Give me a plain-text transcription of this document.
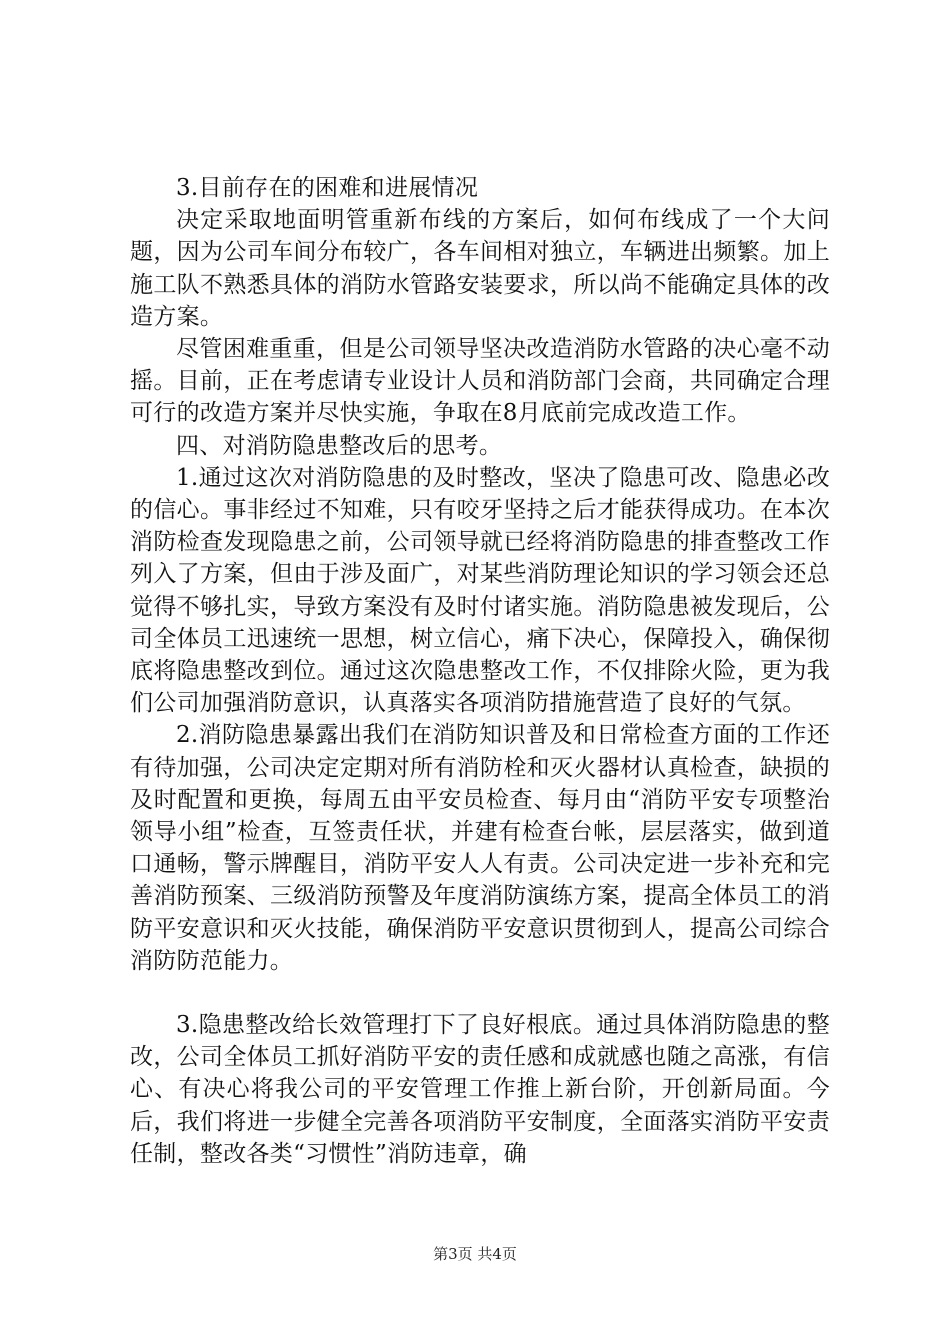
3.目前存在的困难和进展情况

决定采取地面明管重新布线的方案后，如何布线成了一个大问题，因为公司车间分布较广，各车间相对独立，车辆进出频繁。加上施工队不熟悉具体的消防水管路安装要求，所以尚不能确定具体的改造方案。

尽管困难重重，但是公司领导坚决改造消防水管路的决心毫不动摇。目前，正在考虑请专业设计人员和消防部门会商，共同确定合理可行的改造方案并尽快实施，争取在8月底前完成改造工作。

四、对消防隐患整改后的思考。

1.通过这次对消防隐患的及时整改，坚决了隐患可改、隐患必改的信心。事非经过不知难，只有咬牙坚持之后才能获得成功。在本次消防检查发现隐患之前，公司领导就已经将消防隐患的排查整改工作列入了方案，但由于涉及面广，对某些消防理论知识的学习领会还总觉得不够扎实，导致方案没有及时付诸实施。消防隐患被发现后，公司全体员工迅速统一思想，树立信心，痛下决心，保障投入，确保彻底将隐患整改到位。通过这次隐患整改工作，不仅排除火险，更为我们公司加强消防意识，认真落实各项消防措施营造了良好的气氛。

2.消防隐患暴露出我们在消防知识普及和日常检查方面的工作还有待加强，公司决定定期对所有消防栓和灭火器材认真检查，缺损的及时配置和更换，每周五由平安员检查、每月由“消防平安专项整治领导小组”检查，互签责任状，并建有检查台帐，层层落实，做到道口通畅，警示牌醒目，消防平安人人有责。公司决定进一步补充和完善消防预案、三级消防预警及年度消防演练方案，提高全体员工的消防平安意识和灭火技能，确保消防平安意识贯彻到人，提高公司综合消防防范能力。

3.隐患整改给长效管理打下了良好根底。通过具体消防隐患的整改，公司全体员工抓好消防平安的责任感和成就感也随之高涨，有信心、有决心将我公司的平安管理工作推上新台阶，开创新局面。今后，我们将进一步健全完善各项消防平安制度，全面落实消防平安责任制，整改各类“习惯性”消防违章，确

第3页 共4页
